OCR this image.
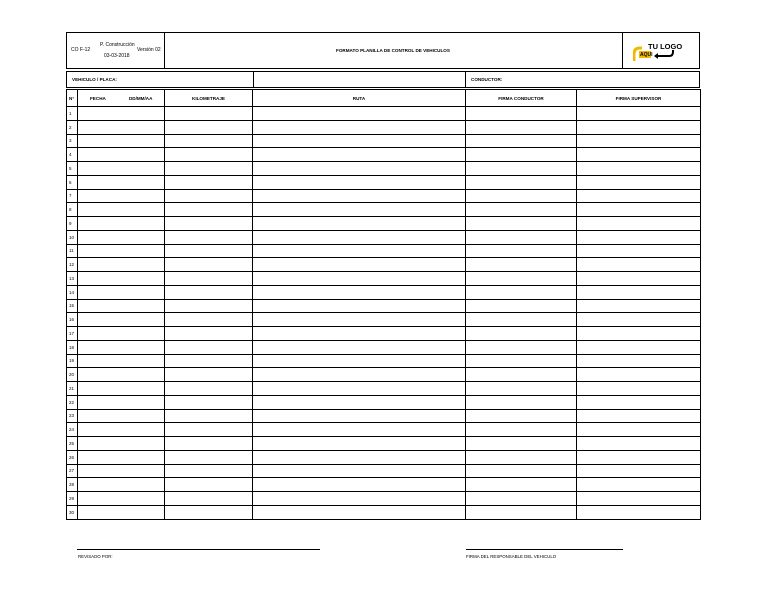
CO F-12
P. Construcción
Versión 02
03-03-2018
FORMATO PLANILLA DE CONTROL DE VEHICULOS	TU LOGO
AQUI
VEHICULO / PLACA:	CONDUCTOR:
N°	FECHA DD/MM/AA	KILOMETRAJE	RUTA	FIRMA CONDUCTOR	FIRMA SUPERVISOR
1					
2					
3					
4					
5					
6					
7					
8					
9					
10					
11					
12					
13					
14					
15					
16					
17					
18					
19					
20					
21					
22					
23					
24					
25					
26					
27					
28					
29					
30					
REVISADO POR:	FIRMA DEL RESPONSABLE DEL VEHICULO
